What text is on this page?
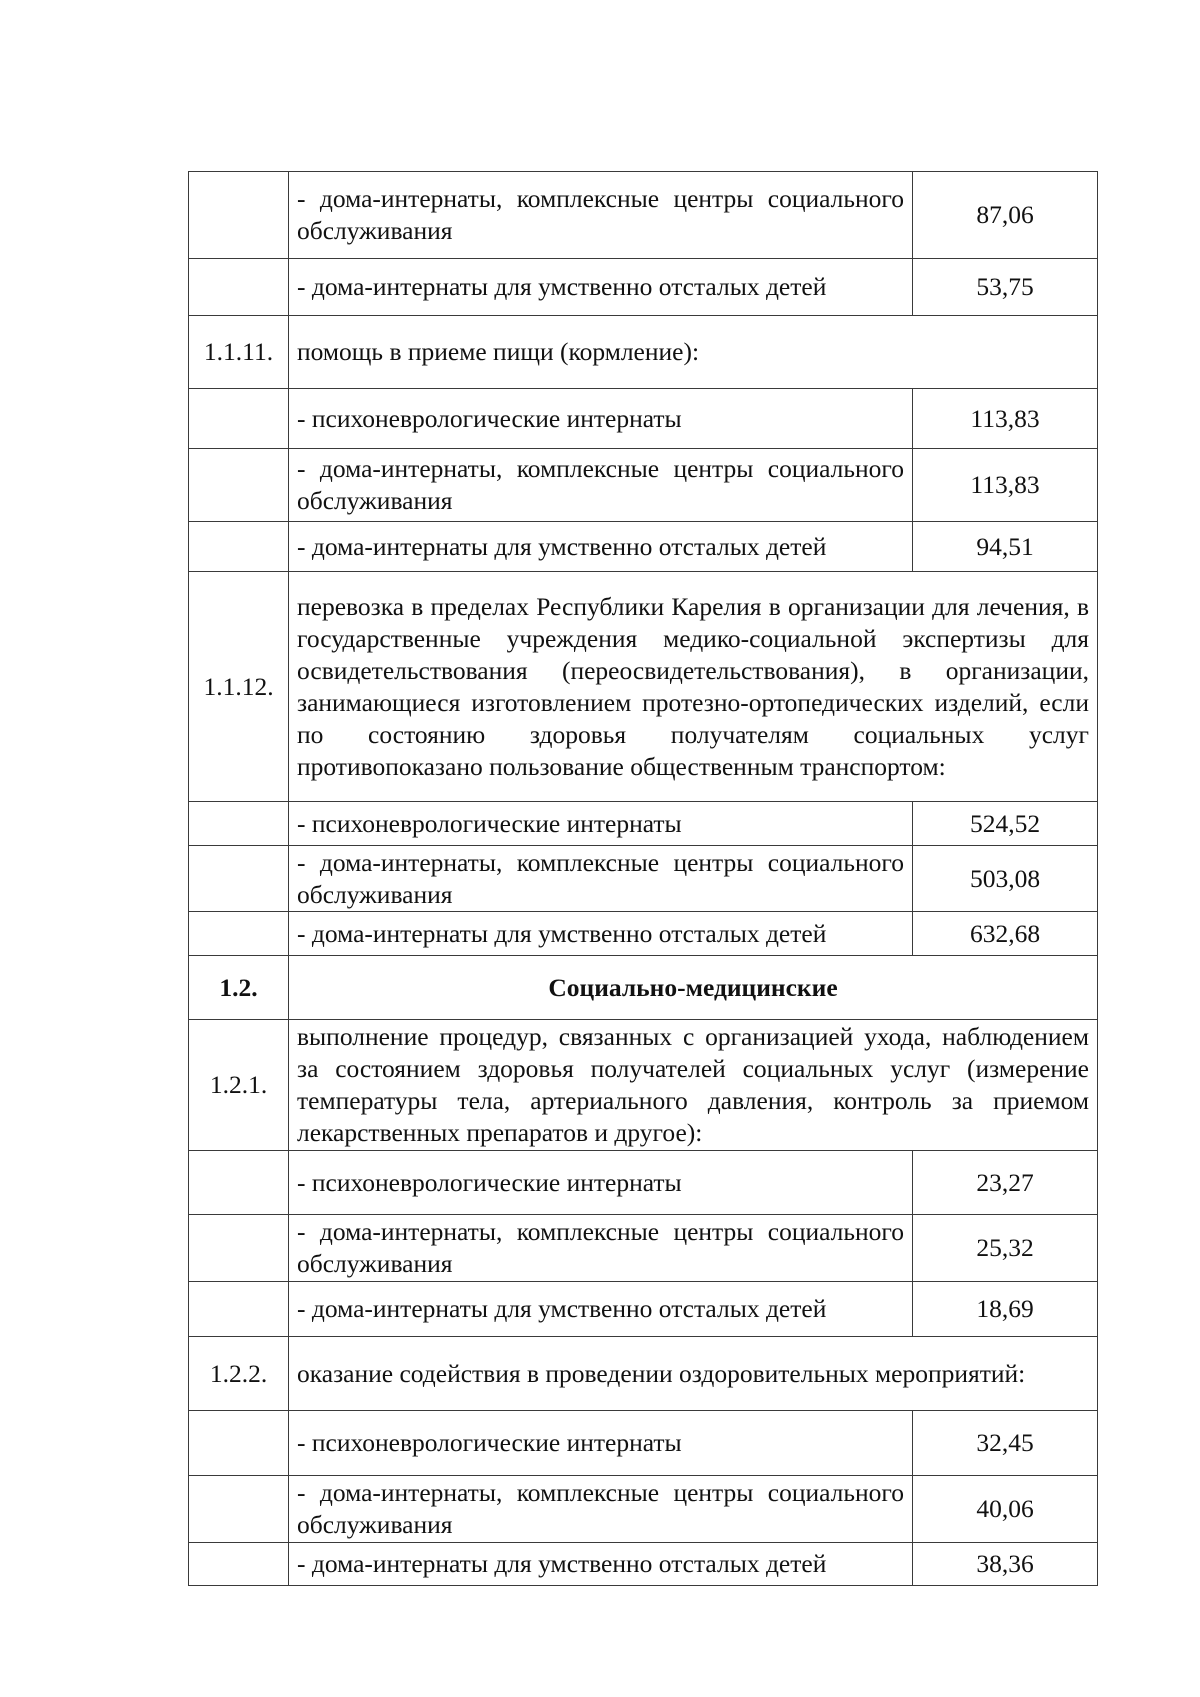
	- дома-интернаты, комплексные центры социального обслуживания	87,06
	- дома-интернаты для умственно отсталых детей	53,75
1.1.11.	помощь в приеме пищи (кормление):	
	- психоневрологические интернаты	113,83
	- дома-интернаты, комплексные центры социального обслуживания	113,83
	- дома-интернаты для умственно отсталых детей	94,51
1.1.12.	перевозка в пределах Республики Карелия в организации для лечения, в государственные учреждения медико-социальной экспертизы для освидетельствования (переосвидетельствования), в организации, занимающиеся изготовлением протезно-ортопедических изделий, если по состоянию здоровья получателям социальных услуг противопоказано пользование общественным транспортом:	
	- психоневрологические интернаты	524,52
	- дома-интернаты, комплексные центры социального обслуживания	503,08
	- дома-интернаты для умственно отсталых детей	632,68
1.2.	Социально-медицинские	
1.2.1.	выполнение процедур, связанных с организацией ухода, наблюдением за состоянием здоровья получателей социальных услуг (измерение температуры тела, артериального давления, контроль за приемом лекарственных препаратов и другое):	
	- психоневрологические интернаты	23,27
	- дома-интернаты, комплексные центры социального обслуживания	25,32
	- дома-интернаты для умственно отсталых детей	18,69
1.2.2.	оказание содействия в проведении оздоровительных мероприятий:	
	- психоневрологические интернаты	32,45
	- дома-интернаты, комплексные центры социального обслуживания	40,06
	- дома-интернаты для умственно отсталых детей	38,36
